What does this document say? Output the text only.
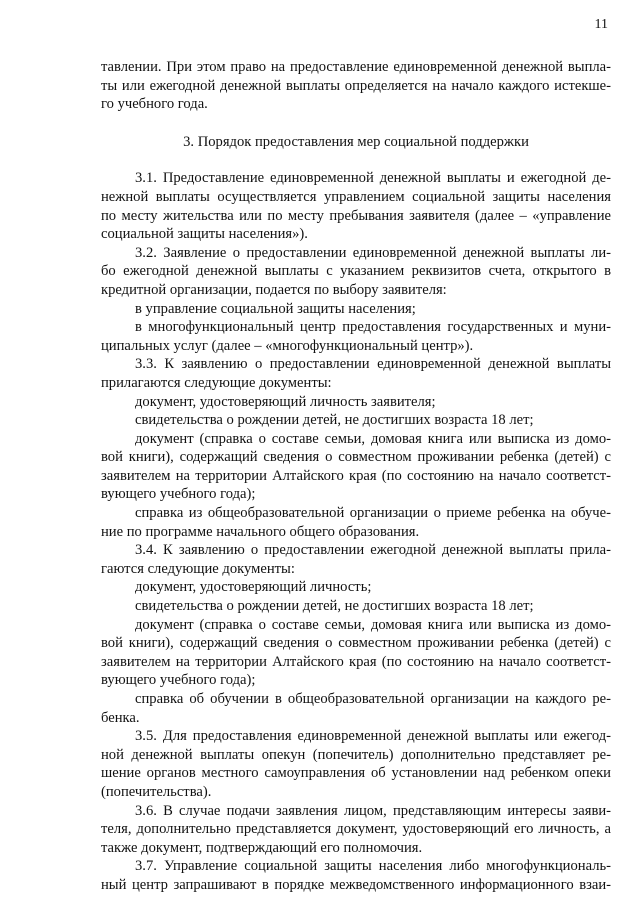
11
тавлении. При этом право на предоставление единовременной денежной выпла-
ты или ежегодной денежной выплаты определяется на начало каждого истекше-
го учебного года.
3. Порядок предоставления мер социальной поддержки
3.1. Предоставление единовременной денежной выплаты и ежегодной де-
нежной выплаты осуществляется управлением социальной защиты населения
по месту жительства или по месту пребывания заявителя (далее – «управление
социальной защиты населения»).
3.2. Заявление о предоставлении единовременной денежной выплаты ли-
бо ежегодной денежной выплаты с указанием реквизитов счета, открытого в
кредитной организации, подается по выбору заявителя:
в управление социальной защиты населения;
в многофункциональный центр предоставления государственных и муни-
ципальных услуг (далее – «многофункциональный центр»).
3.3. К заявлению о предоставлении единовременной денежной выплаты
прилагаются следующие документы:
документ, удостоверяющий личность заявителя;
свидетельства о рождении детей, не достигших возраста 18 лет;
документ (справка о составе семьи, домовая книга или выписка из домо-
вой книги), содержащий сведения о совместном проживании ребенка (детей) с
заявителем на территории Алтайского края (по состоянию на начало соответст-
вующего учебного года);
справка из общеобразовательной организации о приеме ребенка на обуче-
ние по программе начального общего образования.
3.4. К заявлению о предоставлении ежегодной денежной выплаты прила-
гаются следующие документы:
документ, удостоверяющий личность;
свидетельства о рождении детей, не достигших возраста 18 лет;
документ (справка о составе семьи, домовая книга или выписка из домо-
вой книги), содержащий сведения о совместном проживании ребенка (детей) с
заявителем на территории Алтайского края (по состоянию на начало соответст-
вующего учебного года);
справка об обучении в общеобразовательной организации на каждого ре-
бенка.
3.5. Для предоставления единовременной денежной выплаты или ежегод-
ной денежной выплаты опекун (попечитель) дополнительно представляет ре-
шение органов местного самоуправления об установлении над ребенком опеки
(попечительства).
3.6. В случае подачи заявления лицом, представляющим интересы заяви-
теля, дополнительно представляется документ, удостоверяющий его личность, а
также документ, подтверждающий его полномочия.
3.7. Управление социальной защиты населения либо многофункциональ-
ный центр запрашивают в порядке межведомственного информационного взаи-
